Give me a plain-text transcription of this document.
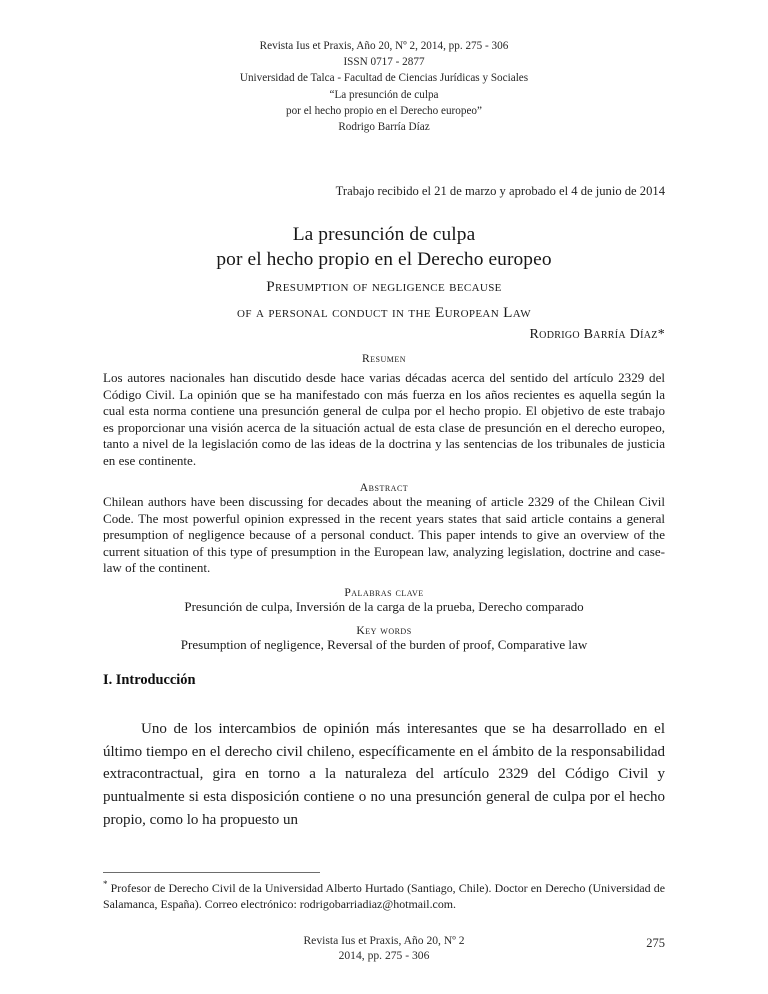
Revista Ius et Praxis, Año 20, Nº 2, 2014, pp. 275 - 306
ISSN 0717 - 2877
Universidad de Talca - Facultad de Ciencias Jurídicas y Sociales
“La presunción de culpa
por el hecho propio en el Derecho europeo”
Rodrigo Barría Díaz
Trabajo recibido el 21 de marzo y aprobado el 4 de junio de 2014
La presunción de culpa
por el hecho propio en el Derecho europeo
Presumption of negligence because
of a personal conduct in the European Law
Rodrigo Barría Díaz*
Resumen
Los autores nacionales han discutido desde hace varias décadas acerca del sentido del artículo 2329 del Código Civil. La opinión que se ha manifestado con más fuerza en los años recientes es aquella según la cual esta norma contiene una presunción general de culpa por el hecho propio. El objetivo de este trabajo es proporcionar una visión acerca de la situación actual de esta clase de presunción en el derecho europeo, tanto a nivel de la legislación como de las ideas de la doctrina y las sentencias de los tribunales de justicia en ese continente.
Abstract
Chilean authors have been discussing for decades about the meaning of article 2329 of the Chilean Civil Code. The most powerful opinion expressed in the recent years states that said article contains a general presumption of negligence because of a personal conduct. This paper intends to give an overview of the current situation of this type of presumption in the European law, analyzing legislation, doctrine and case-law of the continent.
Palabras clave
Presunción de culpa, Inversión de la carga de la prueba, Derecho comparado
Key words
Presumption of negligence, Reversal of the burden of proof, Comparative law
I. Introducción

Uno de los intercambios de opinión más interesantes que se ha desarrollado en el último tiempo en el derecho civil chileno, específicamente en el ámbito de la responsabilidad extracontractual, gira en torno a la naturaleza del artículo 2329 del Código Civil y puntualmente si esta disposición contiene o no una presunción general de culpa por el hecho propio, como lo ha propuesto un

* Profesor de Derecho Civil de la Universidad Alberto Hurtado (Santiago, Chile). Doctor en Derecho (Universidad de Salamanca, España). Correo electrónico: rodrigobarriadiaz@hotmail.com.
Revista Ius et Praxis, Año 20, Nº 2
2014, pp. 275 - 306
275
